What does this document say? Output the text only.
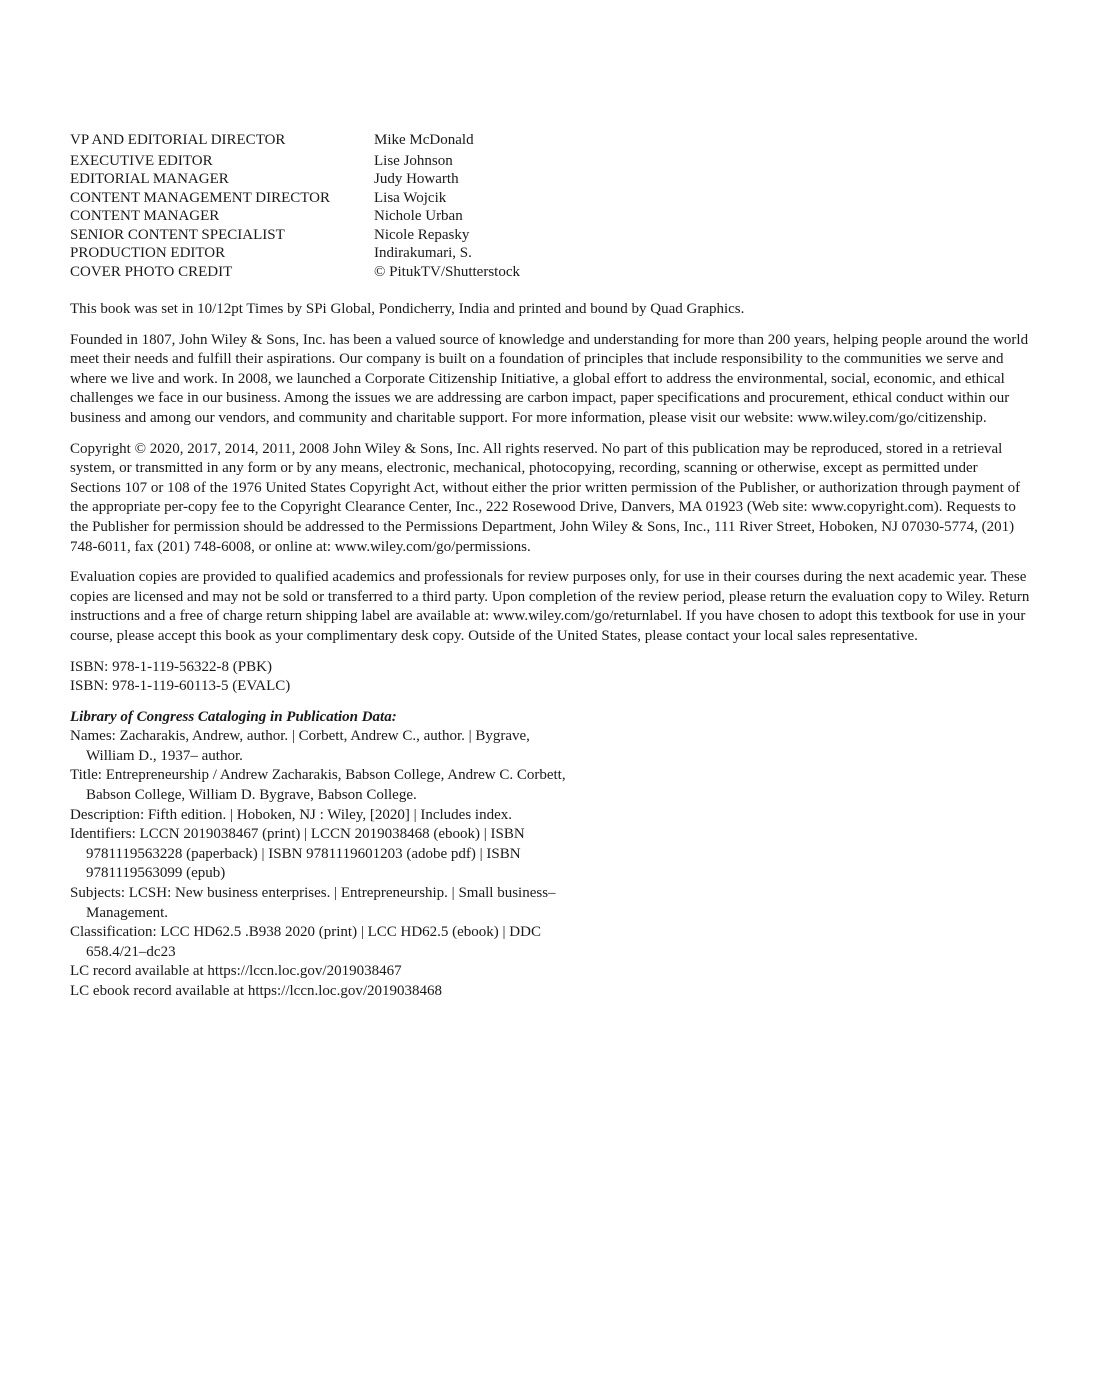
VP AND EDITORIAL DIRECTOR	Mike McDonald
EXECUTIVE EDITOR	Lise Johnson
EDITORIAL MANAGER	Judy Howarth
CONTENT MANAGEMENT DIRECTOR	Lisa Wojcik
CONTENT MANAGER	Nichole Urban
SENIOR CONTENT SPECIALIST	Nicole Repasky
PRODUCTION EDITOR	Indirakumari, S.
COVER PHOTO CREDIT	© PitukTV/Shutterstock

This book was set in 10/12pt Times by SPi Global, Pondicherry, India and printed and bound by Quad Graphics.

Founded in 1807, John Wiley & Sons, Inc. has been a valued source of knowledge and understanding for more than 200 years, helping people around the world meet their needs and fulfill their aspirations. Our company is built on a foundation of principles that include responsibility to the communities we serve and where we live and work. In 2008, we launched a Corporate Citizenship Initiative, a global effort to address the environmental, social, economic, and ethical challenges we face in our business. Among the issues we are addressing are carbon impact, paper specifications and procurement, ethical conduct within our business and among our vendors, and community and charitable support. For more information, please visit our website: www.wiley.com/go/citizenship.

Copyright © 2020, 2017, 2014, 2011, 2008 John Wiley & Sons, Inc. All rights reserved. No part of this publication may be reproduced, stored in a retrieval system, or transmitted in any form or by any means, electronic, mechanical, photocopying, recording, scanning or otherwise, except as permitted under Sections 107 or 108 of the 1976 United States Copyright Act, without either the prior written permission of the Publisher, or authorization through payment of the appropriate per-copy fee to the Copyright Clearance Center, Inc., 222 Rosewood Drive, Danvers, MA 01923 (Web site: www.copyright.com). Requests to the Publisher for permission should be addressed to the Permissions Department, John Wiley & Sons, Inc., 111 River Street, Hoboken, NJ 07030-5774, (201) 748-6011, fax (201) 748-6008, or online at: www.wiley.com/go/permissions.

Evaluation copies are provided to qualified academics and professionals for review purposes only, for use in their courses during the next academic year. These copies are licensed and may not be sold or transferred to a third party. Upon completion of the review period, please return the evaluation copy to Wiley. Return instructions and a free of charge return shipping label are available at: www.wiley.com/go/returnlabel. If you have chosen to adopt this textbook for use in your course, please accept this book as your complimentary desk copy. Outside of the United States, please contact your local sales representative.

ISBN: 978-1-119-56322-8 (PBK)
ISBN: 978-1-119-60113-5 (EVALC)
Library of Congress Cataloging in Publication Data:
Names: Zacharakis, Andrew, author. | Corbett, Andrew C., author. | Bygrave, William D., 1937– author.
Title: Entrepreneurship / Andrew Zacharakis, Babson College, Andrew C. Corbett, Babson College, William D. Bygrave, Babson College.
Description: Fifth edition. | Hoboken, NJ : Wiley, [2020] | Includes index.
Identifiers: LCCN 2019038467 (print) | LCCN 2019038468 (ebook) | ISBN 9781119563228 (paperback) | ISBN 9781119601203 (adobe pdf) | ISBN 9781119563099 (epub)
Subjects: LCSH: New business enterprises. | Entrepreneurship. | Small business–Management.
Classification: LCC HD62.5 .B938 2020 (print) | LCC HD62.5 (ebook) | DDC 658.4/21–dc23
LC record available at https://lccn.loc.gov/2019038467
LC ebook record available at https://lccn.loc.gov/2019038468
